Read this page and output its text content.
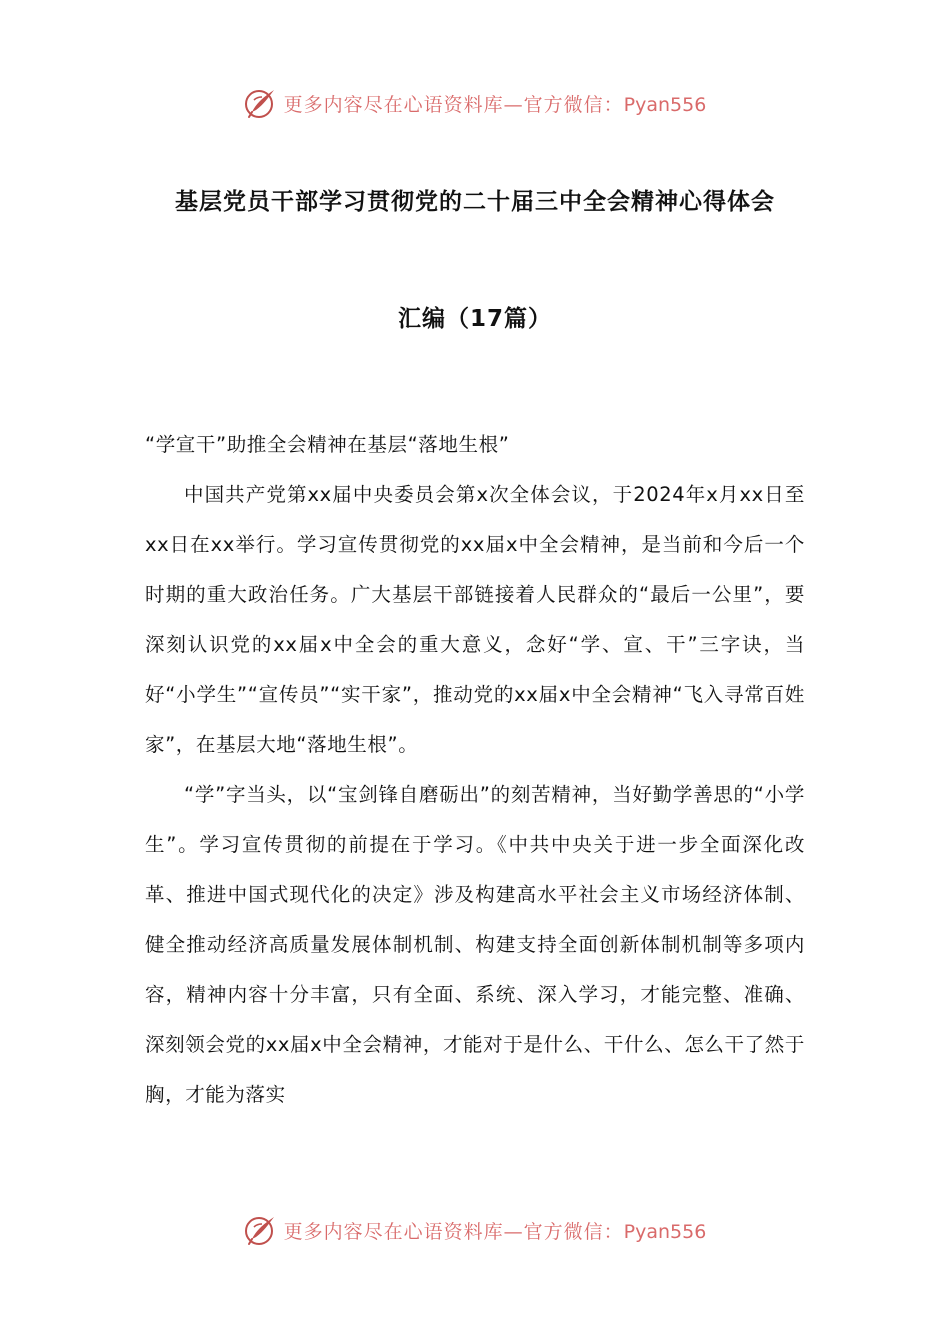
更多内容尽在心语资料库—官方微信：Pyan556
基层党员干部学习贯彻党的二十届三中全会精神心得体会
汇编（17篇）

“学宣干”助推全会精神在基层“落地生根”

中国共产党第xx届中央委员会第x次全体会议，于2024年x月xx日至xx日在xx举行。学习宣传贯彻党的xx届x中全会精神，是当前和今后一个时期的重大政治任务。广大基层干部链接着人民群众的“最后一公里”，要深刻认识党的xx届x中全会的重大意义，念好“学、宣、干”三字诀，当好“小学生”“宣传员”“实干家”，推动党的xx届x中全会精神“飞入寻常百姓家”，在基层大地“落地生根”。

“学”字当头，以“宝剑锋自磨砺出”的刻苦精神，当好勤学善思的“小学生”。学习宣传贯彻的前提在于学习。《中共中央关于进一步全面深化改革、推进中国式现代化的决定》涉及构建高水平社会主义市场经济体制、健全推动经济高质量发展体制机制、构建支持全面创新体制机制等多项内容，精神内容十分丰富，只有全面、系统、深入学习，才能完整、准确、深刻领会党的xx届x中全会精神，才能对于是什么、干什么、怎么干了然于胸，才能为落实

更多内容尽在心语资料库—官方微信：Pyan556
